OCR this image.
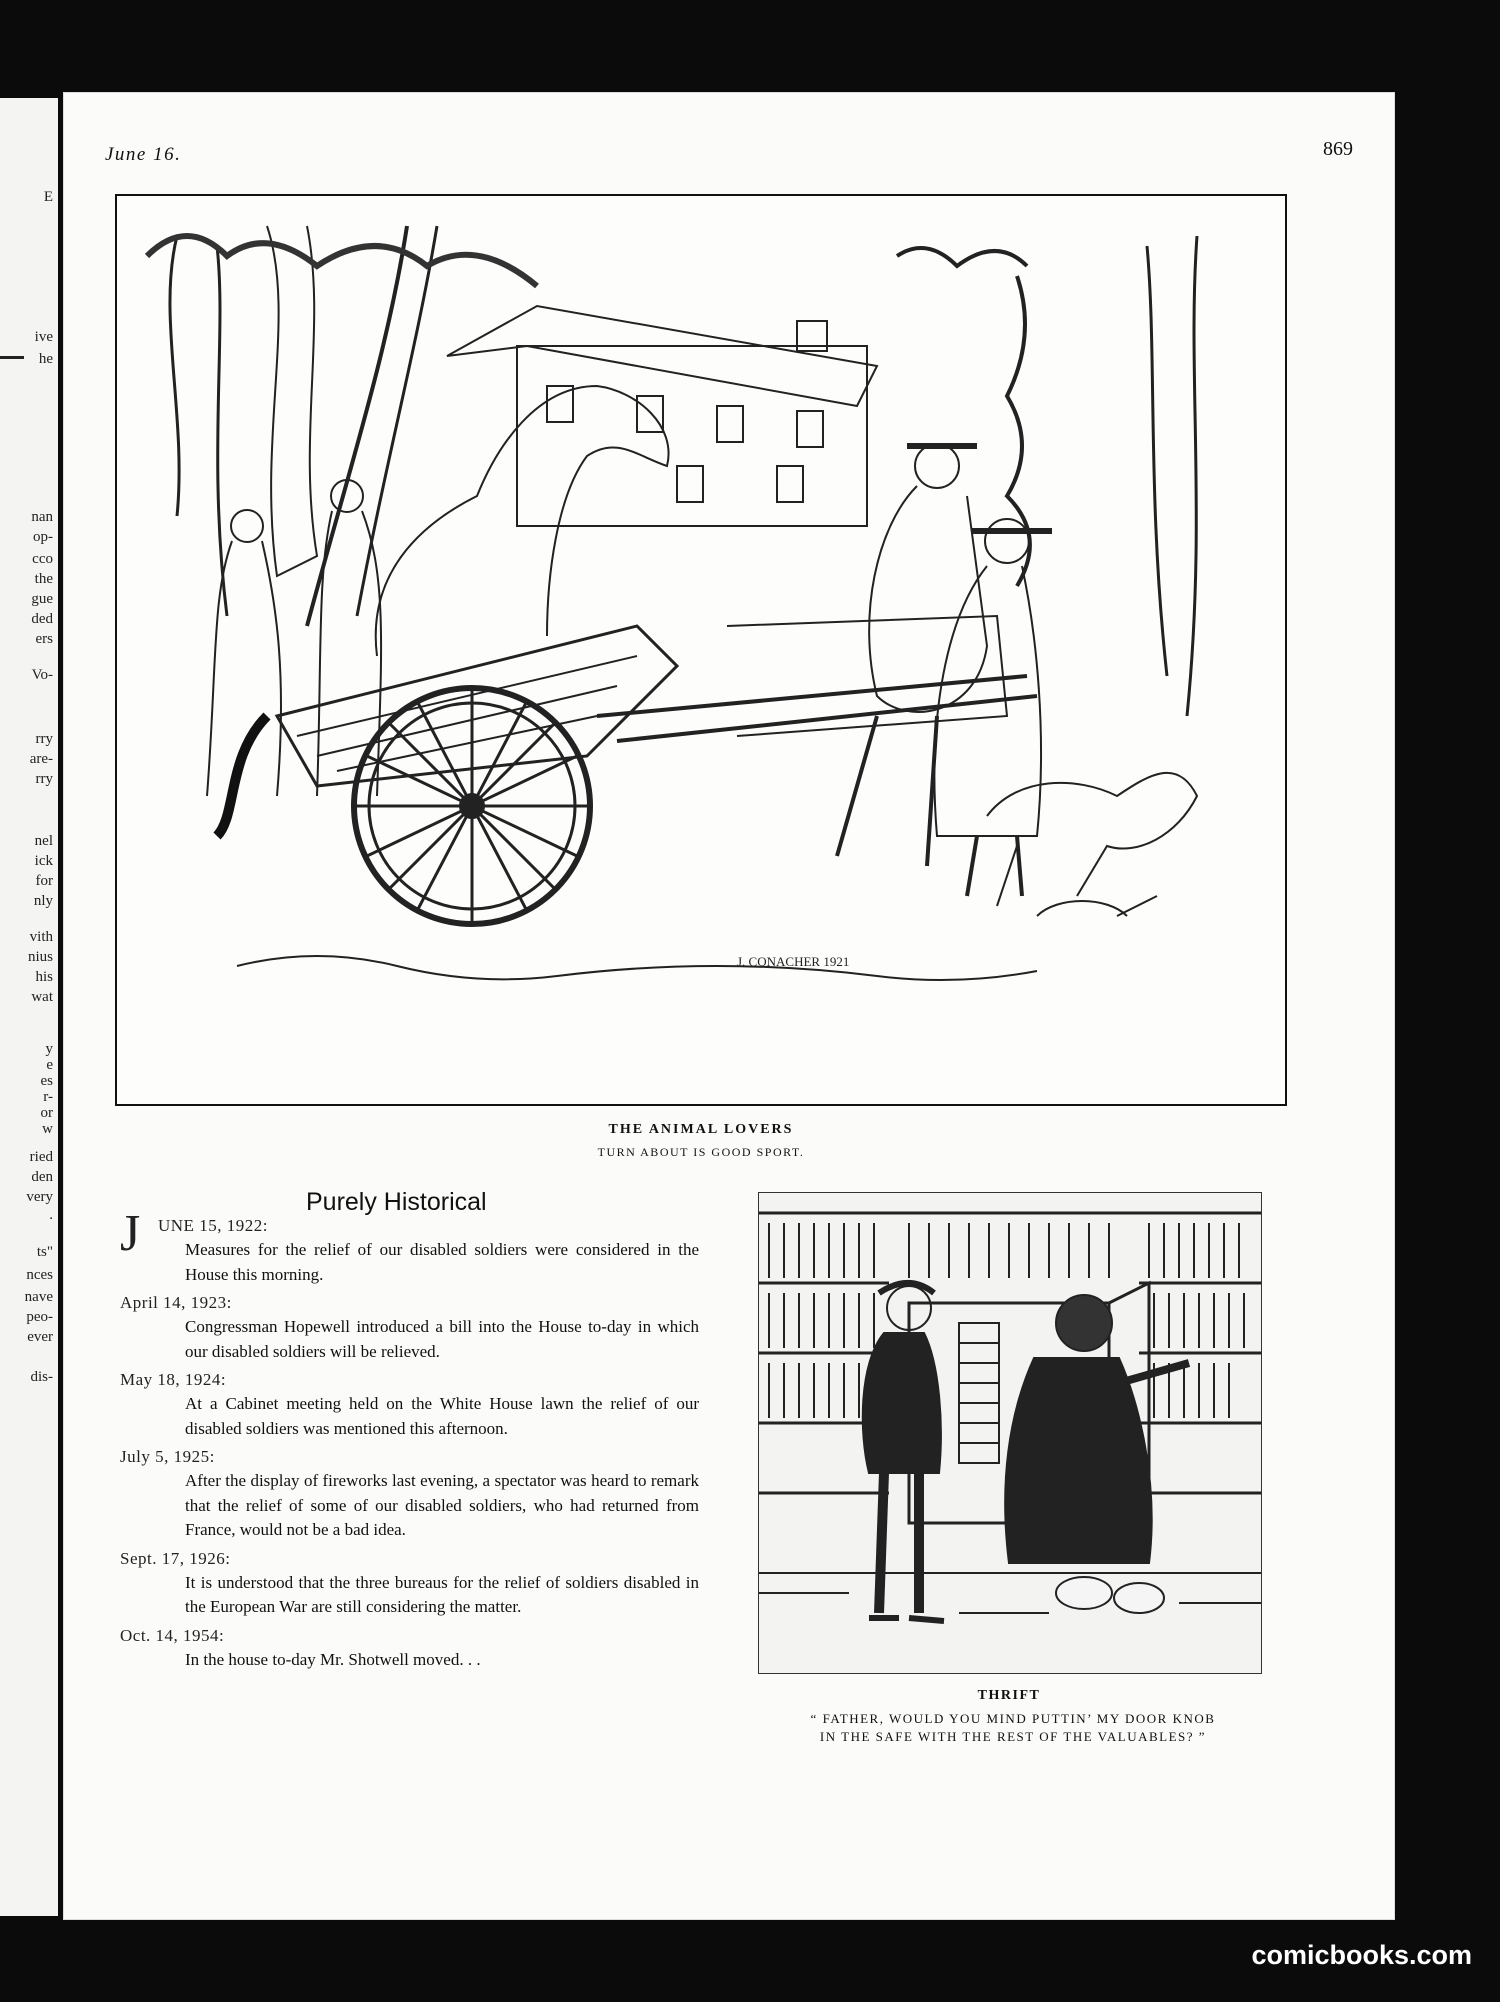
E
ive
he
nan
op-
cco
the
gue
ded
ers
Vo-
rry
are-
rry
nel
ick
for
nly
vith
nius
his
wat
y
e
es
r-
or
w
ried
den
very
.
ts"
nces
nave
peo-
ever
dis-
June 16.	869
J. CONACHER 1921
THE ANIMAL LOVERS
TURN ABOUT IS GOOD SPORT.
Purely Historical
J UNE 15, 1922:
Measures for the relief of our disabled soldiers were considered in the House this morning.
April 14, 1923:
Congressman Hopewell introduced a bill into the House to-day in which our disabled soldiers will be relieved.
May 18, 1924:
At a Cabinet meeting held on the White House lawn the relief of our disabled soldiers was mentioned this afternoon.
July 5, 1925:
After the display of fireworks last evening, a spectator was heard to remark that the relief of some of our disabled soldiers, who had returned from France, would not be a bad idea.
Sept. 17, 1926:
It is understood that the three bureaus for the relief of soldiers disabled in the European War are still considering the matter.
Oct. 14, 1954:
In the house to-day Mr. Shotwell moved. . .
THRIFT
“ FATHER, WOULD YOU MIND PUTTIN’ MY DOOR KNOB
IN THE SAFE WITH THE REST OF THE VALUABLES? ”
comicbooks.com
